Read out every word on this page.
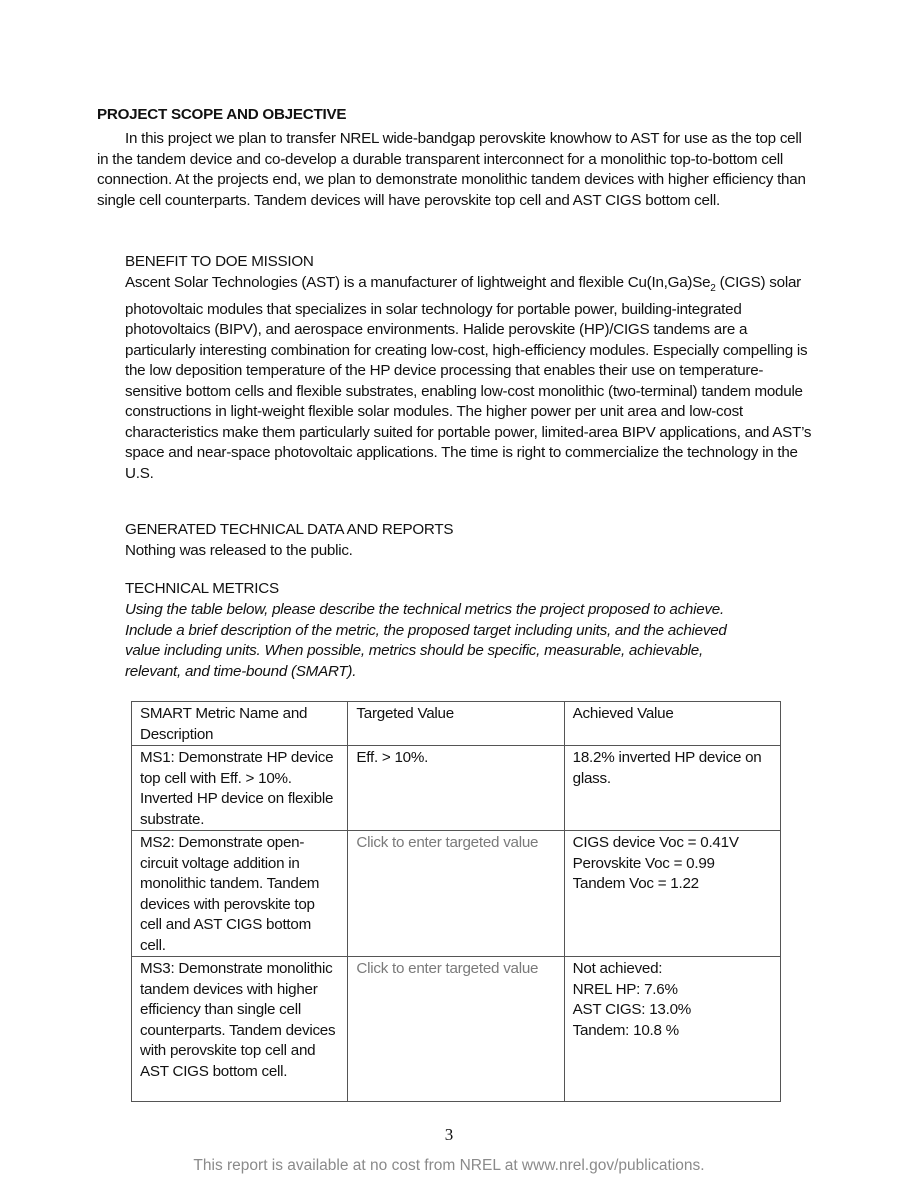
PROJECT SCOPE AND OBJECTIVE
In this project we plan to transfer NREL wide-bandgap perovskite knowhow to AST for use as the top cell in the tandem device and co-develop a durable transparent interconnect for a monolithic top-to-bottom cell connection. At the projects end, we plan to demonstrate monolithic tandem devices with higher efficiency than single cell counterparts. Tandem devices will have perovskite top cell and AST CIGS bottom cell.
BENEFIT TO DOE MISSION
Ascent Solar Technologies (AST) is a manufacturer of lightweight and flexible $Cu(In,Ga)Se_2$ (CIGS) solar photovoltaic modules that specializes in solar technology for portable power, building-integrated photovoltaics (BIPV), and aerospace environments. Halide perovskite (HP)/CIGS tandems are a particularly interesting combination for creating low-cost, high-efficiency modules. Especially compelling is the low deposition temperature of the HP device processing that enables their use on temperature-sensitive bottom cells and flexible substrates, enabling low-cost monolithic (two-terminal) tandem module constructions in light-weight flexible solar modules. The higher power per unit area and low-cost characteristics make them particularly suited for portable power, limited-area BIPV applications, and AST’s space and near-space photovoltaic applications. The time is right to commercialize the technology in the U.S.
GENERATED TECHNICAL DATA AND REPORTS
Nothing was released to the public.
TECHNICAL METRICS
Using the table below, please describe the technical metrics the project proposed to achieve. Include a brief description of the metric, the proposed target including units, and the achieved value including units. When possible, metrics should be specific, measurable, achievable, relevant, and time-bound (SMART).
SMART Metric Name and Description	Targeted Value	Achieved Value
MS1: Demonstrate HP device top cell with Eff. > 10%. Inverted HP device on flexible substrate.	Eff. > 10%.	18.2% inverted HP device on glass.

MS2: Demonstrate open-circuit voltage addition in monolithic tandem. Tandem devices with perovskite top cell and AST CIGS bottom cell.	Click to enter targeted value	CIGS device Voc = 0.41V
Perovskite Voc = 0.99
Tandem Voc = 1.22

MS3: Demonstrate monolithic tandem devices with higher efficiency than single cell counterparts. Tandem devices with perovskite top cell and AST CIGS bottom cell.	Click to enter targeted value	Not achieved:
NREL HP: 7.6%
AST CIGS: 13.0%
Tandem: 10.8 %
3
This report is available at no cost from NREL at www.nrel.gov/publications.
